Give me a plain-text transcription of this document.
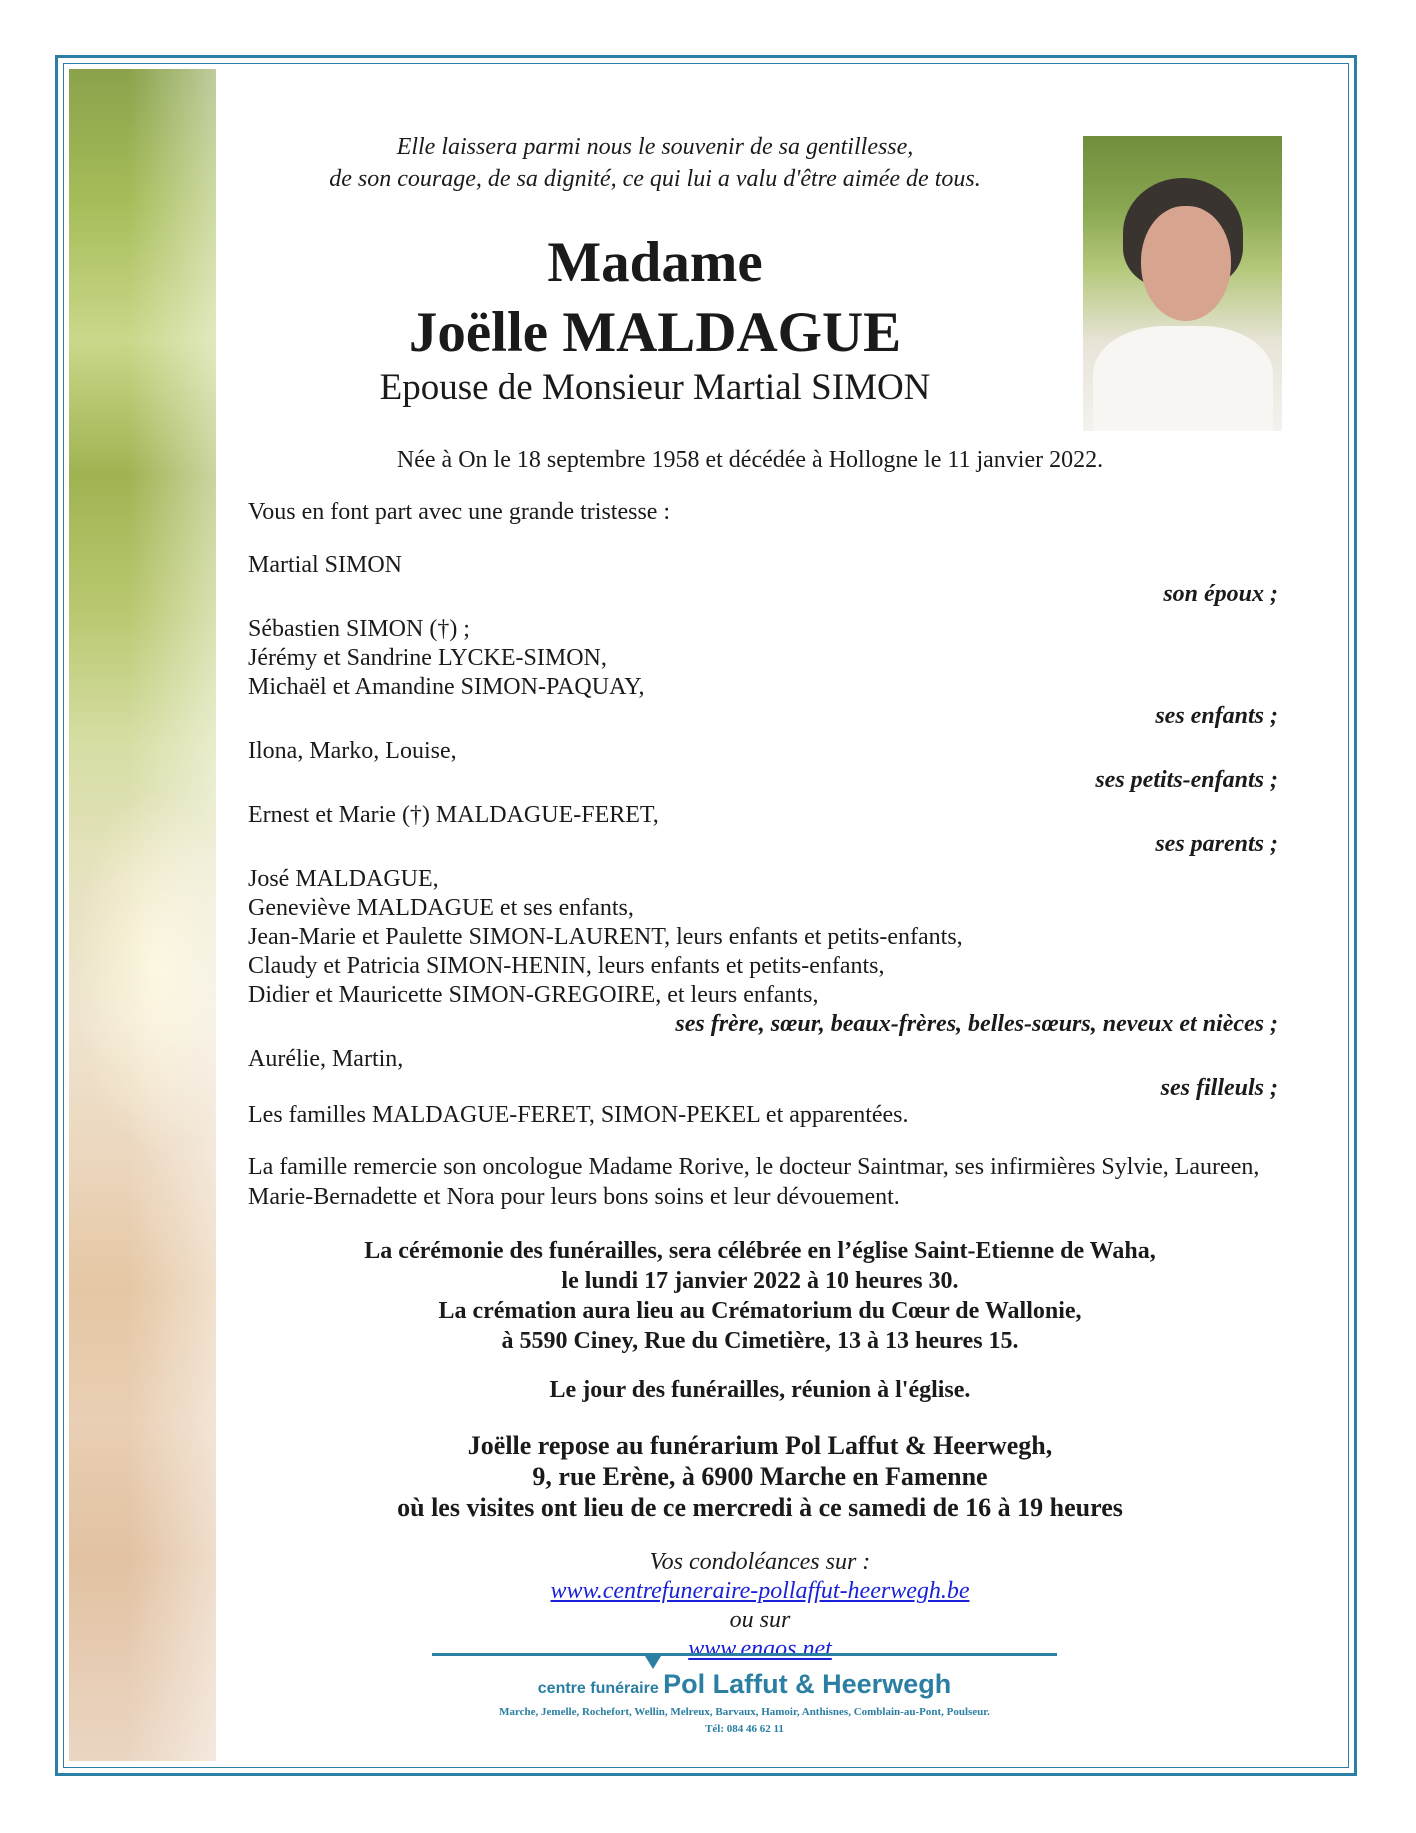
Elle laissera parmi nous le souvenir de sa gentillesse,
de son courage, de sa dignité, ce qui lui a valu d'être aimée de tous.

Madame
Joëlle MALDAGUE

Epouse de Monsieur Martial SIMON

Née à On le 18 septembre 1958 et décédée à Hollogne le 11 janvier 2022.

Vous en font part avec une grande tristesse :

Martial SIMON
son époux ;
Sébastien SIMON (†) ;
Jérémy et Sandrine LYCKE-SIMON,
Michaël et Amandine SIMON-PAQUAY,
ses enfants ;
Ilona, Marko, Louise,
ses petits-enfants ;
Ernest et Marie (†) MALDAGUE-FERET,
ses parents ;
José MALDAGUE,
Geneviève MALDAGUE et ses enfants,
Jean-Marie et Paulette SIMON-LAURENT, leurs enfants et petits-enfants,
Claudy et Patricia SIMON-HENIN, leurs enfants et petits-enfants,
Didier et Mauricette SIMON-GREGOIRE, et leurs enfants,
ses frère, sœur, beaux-frères, belles-sœurs, neveux et nièces ;
Aurélie, Martin,
ses filleuls ;

Les familles MALDAGUE-FERET, SIMON-PEKEL et apparentées.

La famille remercie son oncologue Madame Rorive, le docteur Saintmar, ses infirmières Sylvie, Laureen, Marie-Bernadette et Nora pour leurs bons soins et leur dévouement.

La cérémonie des funérailles, sera célébrée en l’église Saint-Etienne de Waha,
le lundi 17 janvier 2022 à 10 heures 30.
La crémation aura lieu au Crématorium du Cœur de Wallonie,
à 5590 Ciney, Rue du Cimetière, 13 à 13 heures 15.

Le jour des funérailles, réunion à l'église.

Joëlle repose au funérarium Pol Laffut & Heerwegh,
9, rue Erène, à 6900 Marche en Famenne
où les visites ont lieu de ce mercredi à ce samedi de 16 à 19 heures

Vos condoléances sur :
www.centrefuneraire-pollaffut-heerwegh.be
ou sur
www.enaos.net

centre funéraire Pol Laffut & Heerwegh

Marche, Jemelle, Rochefort, Wellin, Melreux, Barvaux, Hamoir, Anthisnes, Comblain-au-Pont, Poulseur.

Tél: 084 46 62 11
